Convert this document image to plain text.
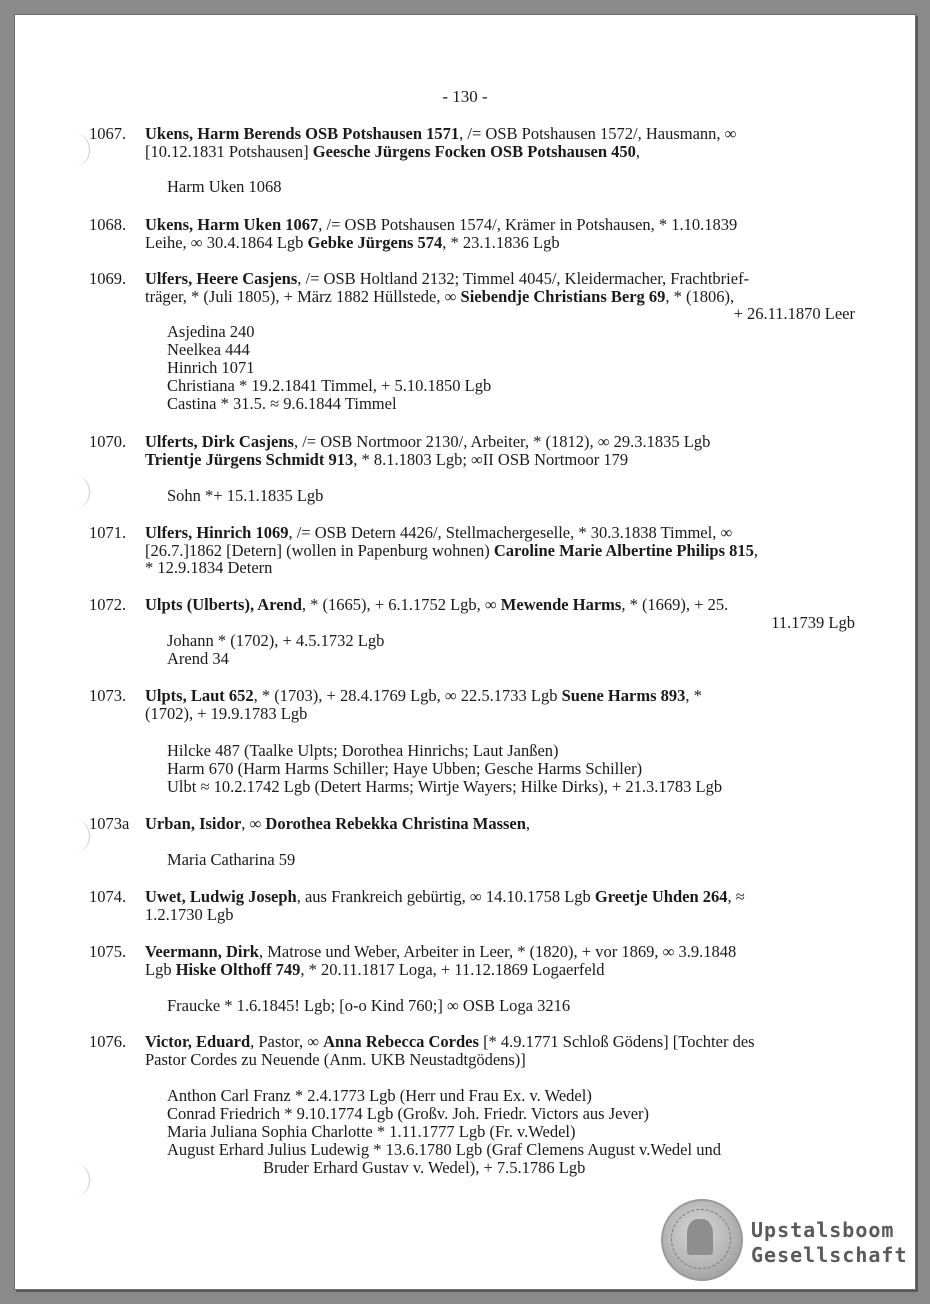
- 130 -
1067.	Ukens, Harm Berends OSB Potshausen 1571, /= OSB Potshausen 1572/, Hausmann, ∞
[10.12.1831 Potshausen] Geesche Jürgens Focken OSB Potshausen 450,
Harm Uken 1068
1068.	Ukens, Harm Uken 1067, /= OSB Potshausen 1574/, Krämer in Potshausen, * 1.10.1839
Leihe, ∞ 30.4.1864 Lgb Gebke Jürgens 574, * 23.1.1836 Lgb
1069.	Ulfers, Heere Casjens, /= OSB Holtland 2132; Timmel 4045/, Kleidermacher, Frachtbrief-
träger, * (Juli 1805), + März 1882 Hüllstede, ∞ Siebendje Christians Berg 69, * (1806),
+ 26.11.1870 Leer
Asjedina 240
Neelkea 444
Hinrich 1071
Christiana * 19.2.1841 Timmel, + 5.10.1850 Lgb
Castina * 31.5. ≈ 9.6.1844 Timmel
1070.	Ulferts, Dirk Casjens, /= OSB Nortmoor 2130/, Arbeiter, * (1812), ∞ 29.3.1835 Lgb
Trientje Jürgens Schmidt 913, * 8.1.1803 Lgb; ∞II OSB Nortmoor 179
Sohn *+ 15.1.1835 Lgb
1071.	Ulfers, Hinrich 1069, /= OSB Detern 4426/, Stellmachergeselle, * 30.3.1838 Timmel, ∞
[26.7.]1862 [Detern] (wollen in Papenburg wohnen) Caroline Marie Albertine Philips 815,
* 12.9.1834 Detern
1072.	Ulpts (Ulberts), Arend, * (1665), + 6.1.1752 Lgb, ∞ Mewende Harms, * (1669), + 25.
11.1739 Lgb
Johann * (1702), + 4.5.1732 Lgb
Arend 34
1073.	Ulpts, Laut 652, * (1703), + 28.4.1769 Lgb, ∞ 22.5.1733 Lgb Suene Harms 893, *
(1702), + 19.9.1783 Lgb
Hilcke 487 (Taalke Ulpts; Dorothea Hinrichs; Laut Janßen)
Harm 670 (Harm Harms Schiller; Haye Ubben; Gesche Harms Schiller)
Ulbt ≈ 10.2.1742 Lgb (Detert Harms; Wirtje Wayers; Hilke Dirks), + 21.3.1783 Lgb
1073a Urban, Isidor, ∞ Dorothea Rebekka Christina Massen,
Maria Catharina 59
1074.	Uwet, Ludwig Joseph, aus Frankreich gebürtig, ∞ 14.10.1758 Lgb Greetje Uhden 264, ≈
1.2.1730 Lgb
1075.	Veermann, Dirk, Matrose und Weber, Arbeiter in Leer, * (1820), + vor 1869, ∞ 3.9.1848
Lgb Hiske Olthoff 749, * 20.11.1817 Loga, + 11.12.1869 Logaerfeld
Fraucke * 1.6.1845! Lgb; [o-o Kind 760;] ∞ OSB Loga 3216
1076.	Victor, Eduard, Pastor, ∞ Anna Rebecca Cordes [* 4.9.1771 Schloß Gödens] [Tochter des
Pastor Cordes zu Neuende (Anm. UKB Neustadtgödens)]
Anthon Carl Franz * 2.4.1773 Lgb (Herr und Frau Ex. v. Wedel)
Conrad Friedrich * 9.10.1774 Lgb (Großv. Joh. Friedr. Victors aus Jever)
Maria Juliana Sophia Charlotte * 1.11.1777 Lgb (Fr. v.Wedel)
August Erhard Julius Ludewig * 13.6.1780 Lgb (Graf Clemens August v.Wedel und
Bruder Erhard Gustav v. Wedel), + 7.5.1786 Lgb
Upstalsboom
Gesellschaft
